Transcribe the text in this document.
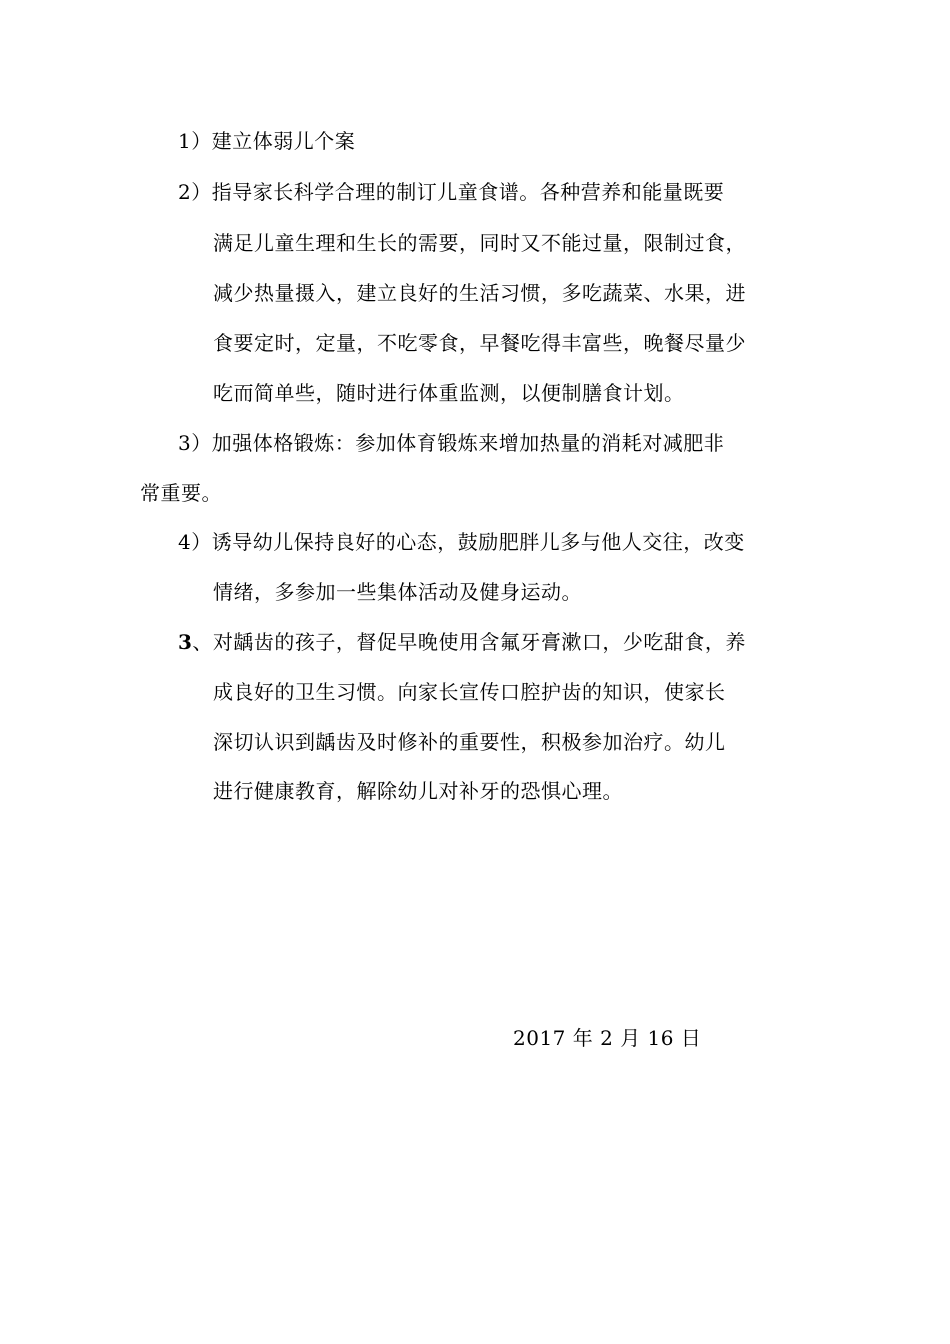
1）建立体弱儿个案
2）指导家长科学合理的制订儿童食谱。各种营养和能量既要
满足儿童生理和生长的需要，同时又不能过量，限制过食，
减少热量摄入，建立良好的生活习惯，多吃蔬菜、水果，进
食要定时，定量，不吃零食，早餐吃得丰富些，晚餐尽量少
吃而简单些，随时进行体重监测，以便制膳食计划。
3）加强体格锻炼：参加体育锻炼来增加热量的消耗对减肥非
常重要。
4）诱导幼儿保持良好的心态，鼓励肥胖儿多与他人交往，改变
情绪，多参加一些集体活动及健身运动。
3、对龋齿的孩子，督促早晚使用含氟牙膏漱口，少吃甜食，养
成良好的卫生习惯。向家长宣传口腔护齿的知识，使家长
深切认识到龋齿及时修补的重要性，积极参加治疗。幼儿
进行健康教育，解除幼儿对补牙的恐惧心理。
2017 年 2 月 16 日
